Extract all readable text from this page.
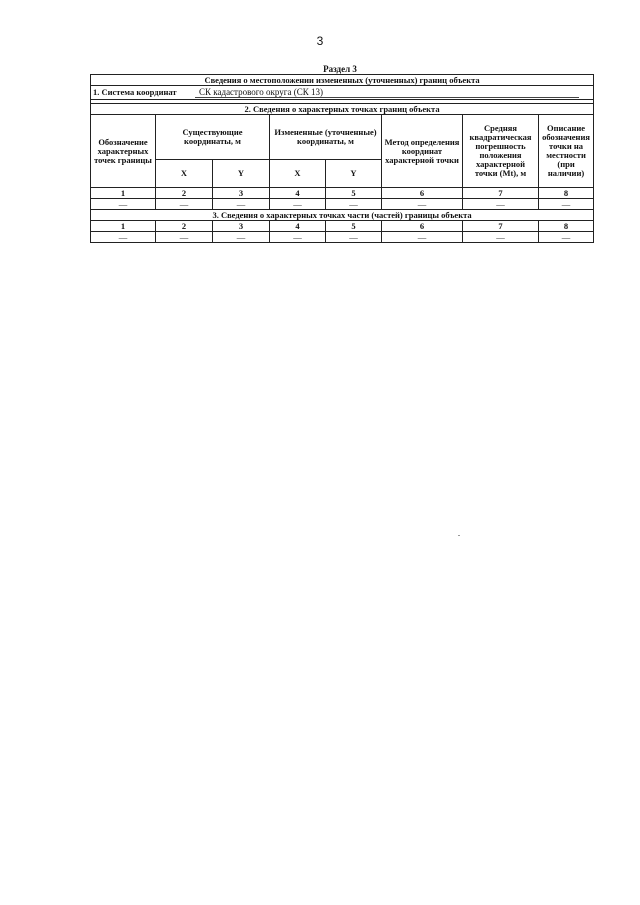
3
Раздел 3
Сведения о местоположении измененных (уточненных) границ объекта							
1. Система координат СК кадастрового округа (СК 13)							

2. Сведения о характерных точках границ объекта							
Обозначение характерных точек границы	Существующие координаты, м		Измененные (уточненные) координаты, м		Метод определения координат характерной точки	Средняя квадратическая погрешность положения характерной точки (Mt), м	Описание обозначения точки на местности (при наличии)
	X	Y	X	Y			
1	2	3	4	5	6	7	8
—	—	—	—	—	—	—	—
3. Сведения о характерных точках части (частей) границы объекта							
1	2	3	4	5	6	7	8
—	—	—	—	—	—	—	—
